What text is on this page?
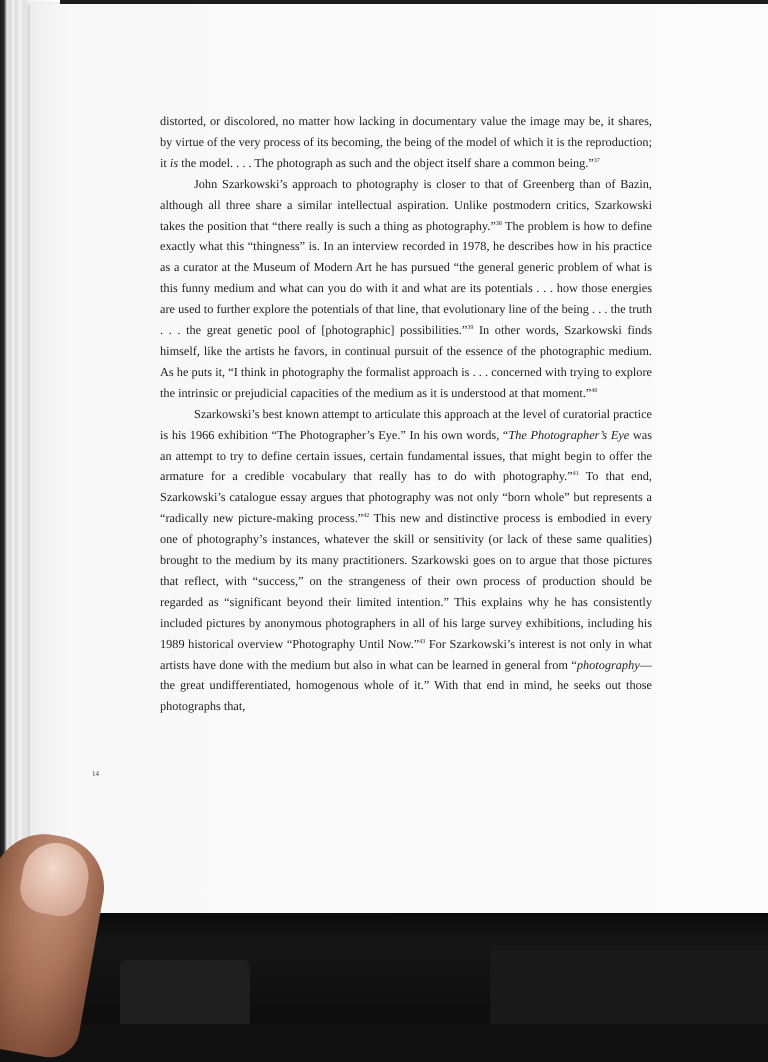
distorted, or discolored, no matter how lacking in documentary value the image may be, it shares, by virtue of the very process of its becoming, the being of the model of which it is the reproduction; it is the model. . . . The photograph as such and the object itself share a common being.”$^{37}$

John Szarkowski’s approach to photography is closer to that of Greenberg than of Bazin, although all three share a similar intellectual aspiration. Unlike postmodern critics, Szarkowski takes the position that “there really is such a thing as photography.”$^{38}$ The problem is how to define exactly what this “thingness” is. In an interview recorded in 1978, he describes how in his practice as a curator at the Museum of Modern Art he has pursued “the general generic problem of what is this funny medium and what can you do with it and what are its potentials . . . how those energies are used to further explore the potentials of that line, that evolutionary line of the being . . . the truth . . . the great genetic pool of [photographic] possibilities.”$^{39}$ In other words, Szarkowski finds himself, like the artists he favors, in continual pursuit of the essence of the photographic medium. As he puts it, “I think in photography the formalist approach is . . . concerned with trying to explore the intrinsic or prejudicial capacities of the medium as it is understood at that moment.”$^{40}$

Szarkowski’s best known attempt to articulate this approach at the level of curatorial practice is his 1966 exhibition “The Photographer’s Eye.” In his own words, “The Photographer’s Eye was an attempt to try to define certain issues, certain fundamental issues, that might begin to offer the armature for a credible vocabulary that really has to do with photography.”$^{41}$ To that end, Szarkowski’s catalogue essay argues that photography was not only “born whole” but represents a “radically new picture-making process.”$^{42}$ This new and distinctive process is embodied in every one of photography’s instances, whatever the skill or sensitivity (or lack of these same qualities) brought to the medium by its many practitioners. Szarkowski goes on to argue that those pictures that reflect, with “success,” on the strangeness of their own process of production should be regarded as “significant beyond their limited intention.” This explains why he has consistently included pictures by anonymous photographers in all of his large survey exhibitions, including his 1989 historical overview “Photography Until Now.”$^{43}$ For Szarkowski’s interest is not only in what artists have done with the medium but also in what can be learned in general from “photography—the great undifferentiated, homogenous whole of it.” With that end in mind, he seeks out those photographs that,

14
